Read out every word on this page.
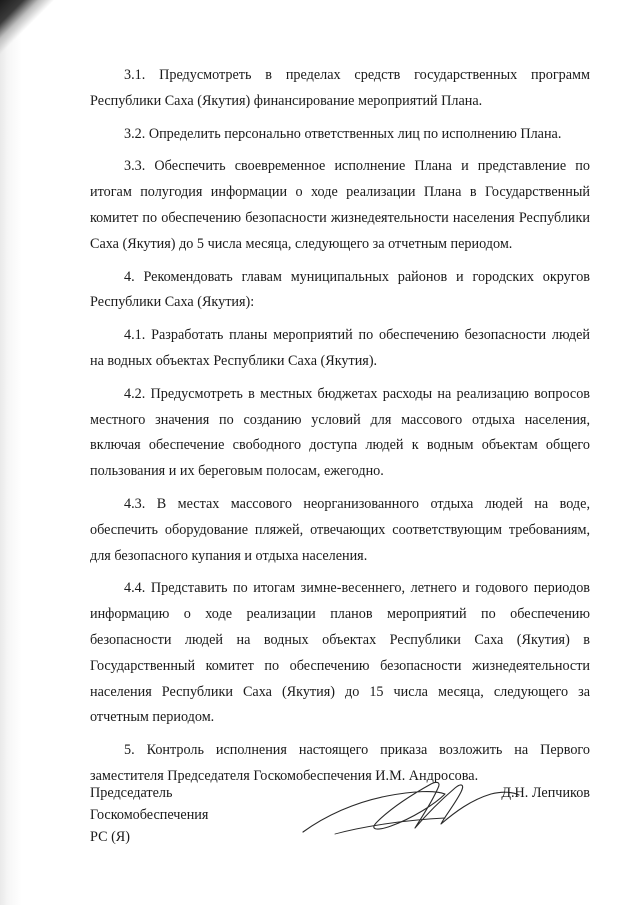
3.1. Предусмотреть в пределах средств государственных программ Республики Саха (Якутия) финансирование мероприятий Плана.

3.2. Определить персонально ответственных лиц по исполнению Плана.

3.3. Обеспечить своевременное исполнение Плана и представление по итогам полугодия информации о ходе реализации Плана в Государственный комитет по обеспечению безопасности жизнедеятельности населения Республики Саха (Якутия) до 5 числа месяца, следующего за отчетным периодом.

4. Рекомендовать главам муниципальных районов и городских округов Республики Саха (Якутия):

4.1. Разработать планы мероприятий по обеспечению безопасности людей на водных объектах Республики Саха (Якутия).

4.2. Предусмотреть в местных бюджетах расходы на реализацию вопросов местного значения по созданию условий для массового отдыха населения, включая обеспечение свободного доступа людей к водным объектам общего пользования и их береговым полосам, ежегодно.

4.3. В местах массового неорганизованного отдыха людей на воде, обеспечить оборудование пляжей, отвечающих соответствующим требованиям, для безопасного купания и отдыха населения.

4.4. Представить по итогам зимне-весеннего, летнего и годового периодов информацию о ходе реализации планов мероприятий по обеспечению безопасности людей на водных объектах Республики Саха (Якутия) в Государственный комитет по обеспечению безопасности жизнедеятельности населения Республики Саха (Якутия) до 15 числа месяца, следующего за отчетным периодом.

5. Контроль исполнения настоящего приказа возложить на Первого заместителя Председателя Госкомобеспечения И.М. Андросова.

Председатель
Госкомобеспечения
РС (Я)
Д.Н. Лепчиков
